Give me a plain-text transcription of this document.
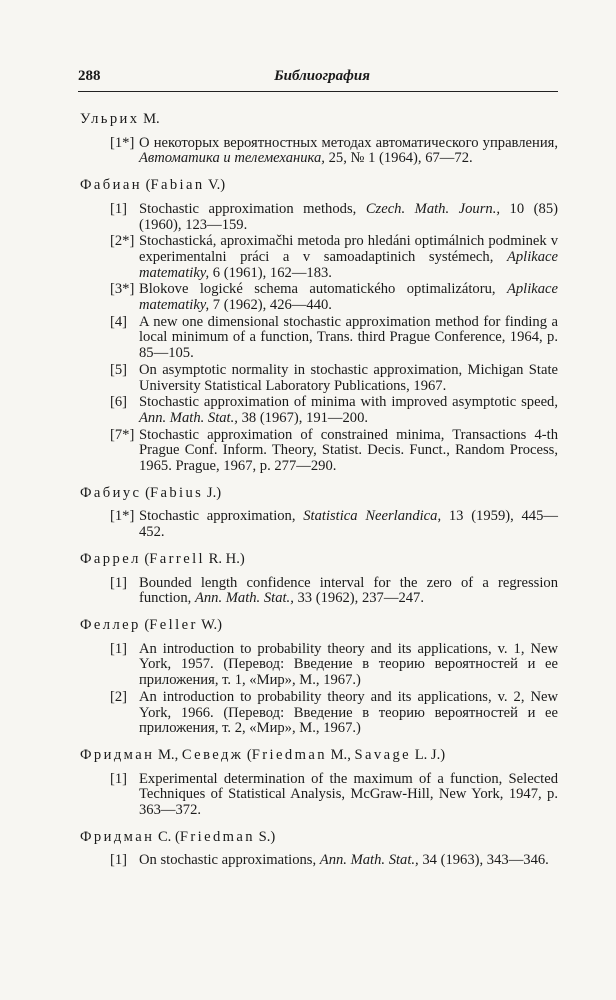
288	Библиография
Ульрих М.
[1*] О некоторых вероятностных методах автоматического управления, Автоматика и телемеханика, 25, № 1 (1964), 67—72.
Фабиан (Fabian V.)
[1] Stochastic approximation methods, Czech. Math. Journ., 10 (85) (1960), 123—159.
[2*] Stochastická, aproximačhi metoda pro hledáni optimálnich podminek v experimentalni práci a v samoadaptinich systémech, Aplikace matematiky, 6 (1961), 162—183.
[3*] Blokove logické schema automatického optimalizátoru, Aplikace matematiky, 7 (1962), 426—440.
[4] A new one dimensional stochastic approximation method for finding a local minimum of a function, Trans. third Prague Conference, 1964, p. 85—105.
[5] On asymptotic normality in stochastic approximation, Michigan State University Statistical Laboratory Publications, 1967.
[6] Stochastic approximation of minima with improved asymptotic speed, Ann. Math. Stat., 38 (1967), 191—200.
[7*] Stochastic approximation of constrained minima, Transactions 4-th Prague Conf. Inform. Theory, Statist. Decis. Funct., Random Process, 1965. Prague, 1967, p. 277—290.
Фабиус (Fabius J.)
[1*] Stochastic approximation, Statistica Neerlandica, 13 (1959), 445—452.
Фаррел (Farrell R. H.)
[1] Bounded length confidence interval for the zero of a regression function, Ann. Math. Stat., 33 (1962), 237—247.
Феллер (Feller W.)
[1] An introduction to probability theory and its applications, v. 1, New York, 1957. (Перевод: Введение в теорию вероятностей и ее приложения, т. 1, «Мир», М., 1967.)
[2] An introduction to probability theory and its applications, v. 2, New York, 1966. (Перевод: Введение в теорию вероятностей и ее приложения, т. 2, «Мир», М., 1967.)
Фридман М., Севедж (Friedman M., Savage L. J.)
[1] Experimental determination of the maximum of a function, Selected Techniques of Statistical Analysis, McGraw-Hill, New York, 1947, p. 363—372.
Фридман С. (Friedman S.)
[1] On stochastic approximations, Ann. Math. Stat., 34 (1963), 343—346.
